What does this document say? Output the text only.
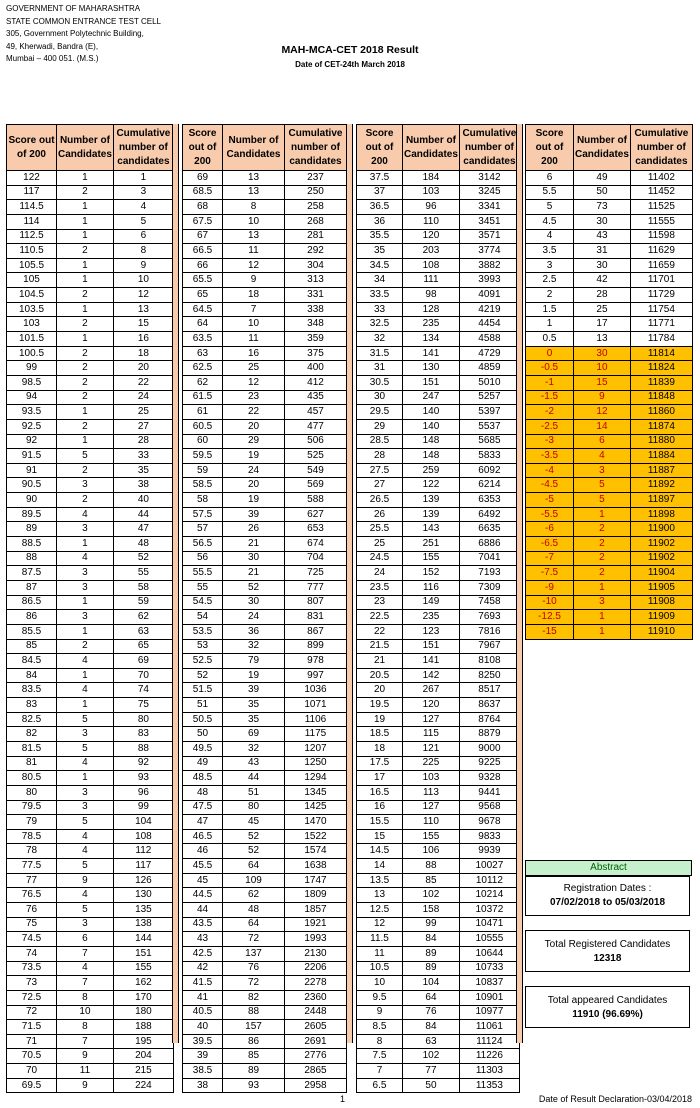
GOVERNMENT OF MAHARASHTRA
STATE COMMON ENTRANCE TEST CELL
305, Government Polytechnic Building,
49, Kherwadi, Bandra (E),
Mumbai – 400 051. (M.S.)
MAH-MCA-CET 2018 Result
Date of CET-24th March 2018
Score out of 200	Number of Candidates	Cumulative number of candidates
122	1	1
117	2	3
114.5	1	4
114	1	5
112.5	1	6
110.5	2	8
105.5	1	9
105	1	10
104.5	2	12
103.5	1	13
103	2	15
101.5	1	16
100.5	2	18
99	2	20
98.5	2	22
94	2	24
93.5	1	25
92.5	2	27
92	1	28
91.5	5	33
91	2	35
90.5	3	38
90	2	40
89.5	4	44
89	3	47
88.5	1	48
88	4	52
87.5	3	55
87	3	58
86.5	1	59
86	3	62
85.5	1	63
85	2	65
84.5	4	69
84	1	70
83.5	4	74
83	1	75
82.5	5	80
82	3	83
81.5	5	88
81	4	92
80.5	1	93
80	3	96
79.5	3	99
79	5	104
78.5	4	108
78	4	112
77.5	5	117
77	9	126
76.5	4	130
76	5	135
75	3	138
74.5	6	144
74	7	151
73.5	4	155
73	7	162
72.5	8	170
72	10	180
71.5	8	188
71	7	195
70.5	9	204
70	11	215
69.5	9	224
Score out of 200	Number of Candidates	Cumulative number of candidates
69	13	237
68.5	13	250
68	8	258
67.5	10	268
67	13	281
66.5	11	292
66	12	304
65.5	9	313
65	18	331
64.5	7	338
64	10	348
63.5	11	359
63	16	375
62.5	25	400
62	12	412
61.5	23	435
61	22	457
60.5	20	477
60	29	506
59.5	19	525
59	24	549
58.5	20	569
58	19	588
57.5	39	627
57	26	653
56.5	21	674
56	30	704
55.5	21	725
55	52	777
54.5	30	807
54	24	831
53.5	36	867
53	32	899
52.5	79	978
52	19	997
51.5	39	1036
51	35	1071
50.5	35	1106
50	69	1175
49.5	32	1207
49	43	1250
48.5	44	1294
48	51	1345
47.5	80	1425
47	45	1470
46.5	52	1522
46	52	1574
45.5	64	1638
45	109	1747
44.5	62	1809
44	48	1857
43.5	64	1921
43	72	1993
42.5	137	2130
42	76	2206
41.5	72	2278
41	82	2360
40.5	88	2448
40	157	2605
39.5	86	2691
39	85	2776
38.5	89	2865
38	93	2958
Score out of 200	Number of Candidates	Cumulative number of candidates
37.5	184	3142
37	103	3245
36.5	96	3341
36	110	3451
35.5	120	3571
35	203	3774
34.5	108	3882
34	111	3993
33.5	98	4091
33	128	4219
32.5	235	4454
32	134	4588
31.5	141	4729
31	130	4859
30.5	151	5010
30	247	5257
29.5	140	5397
29	140	5537
28.5	148	5685
28	148	5833
27.5	259	6092
27	122	6214
26.5	139	6353
26	139	6492
25.5	143	6635
25	251	6886
24.5	155	7041
24	152	7193
23.5	116	7309
23	149	7458
22.5	235	7693
22	123	7816
21.5	151	7967
21	141	8108
20.5	142	8250
20	267	8517
19.5	120	8637
19	127	8764
18.5	115	8879
18	121	9000
17.5	225	9225
17	103	9328
16.5	113	9441
16	127	9568
15.5	110	9678
15	155	9833
14.5	106	9939
14	88	10027
13.5	85	10112
13	102	10214
12.5	158	10372
12	99	10471
11.5	84	10555
11	89	10644
10.5	89	10733
10	104	10837
9.5	64	10901
9	76	10977
8.5	84	11061
8	63	11124
7.5	102	11226
7	77	11303
6.5	50	11353
Score out of 200	Number of Candidates	Cumulative number of candidates
6	49	11402
5.5	50	11452
5	73	11525
4.5	30	11555
4	43	11598
3.5	31	11629
3	30	11659
2.5	42	11701
2	28	11729
1.5	25	11754
1	17	11771
0.5	13	11784
0	30	11814
-0.5	10	11824
-1	15	11839
-1.5	9	11848
-2	12	11860
-2.5	14	11874
-3	6	11880
-3.5	4	11884
-4	3	11887
-4.5	5	11892
-5	5	11897
-5.5	1	11898
-6	2	11900
-6.5	2	11902
-7	2	11902
-7.5	2	11904
-9	1	11905
-10	3	11908
-12.5	1	11909
-15	1	11910
Abstract
Registration Dates :
07/02/2018 to 05/03/2018
Total Registered Candidates
12318
Total appeared Candidates
11910 (96.69%)
1	Date of Result Declaration-03/04/2018
